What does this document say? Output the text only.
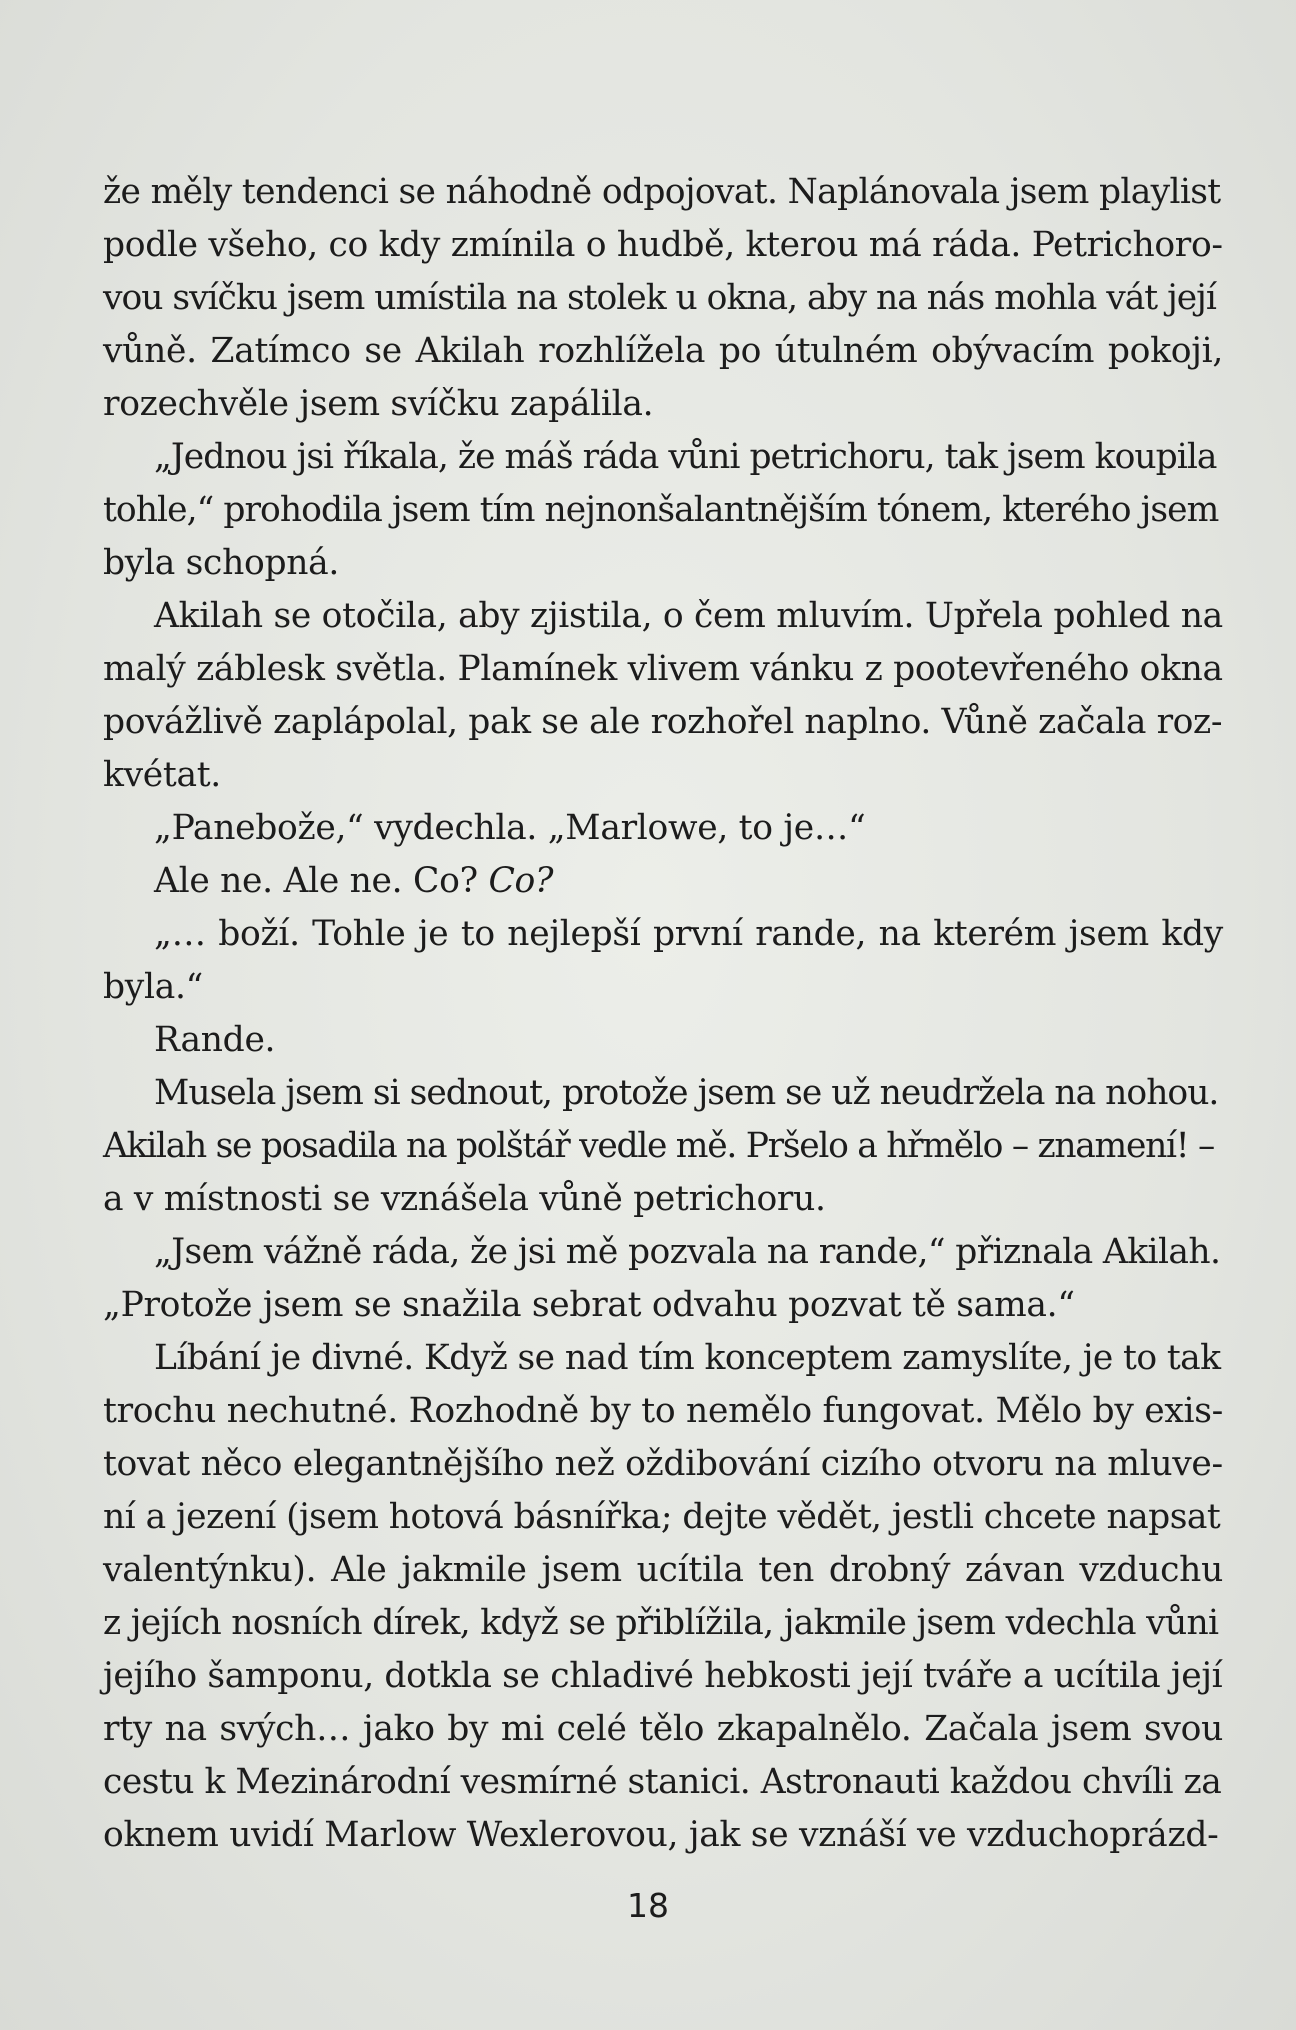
že měly tendenci se náhodně odpojovat. Naplánovala jsem playlist
podle všeho, co kdy zmínila o hudbě, kterou má ráda. Petrichoro-
vou svíčku jsem umístila na stolek u okna, aby na nás mohla vát její
vůně. Zatímco se Akilah rozhlížela po útulném obývacím pokoji,
rozechvěle jsem svíčku zapálila.
„Jednou jsi říkala, že máš ráda vůni petrichoru, tak jsem koupila
tohle,“ prohodila jsem tím nejnonšalantnějším tónem, kterého jsem
byla schopná.
Akilah se otočila, aby zjistila, o čem mluvím. Upřela pohled na
malý záblesk světla. Plamínek vlivem vánku z pootevřeného okna
povážlivě zaplápolal, pak se ale rozhořel naplno. Vůně začala roz-
kvétat.
„Panebože,“ vydechla. „Marlowe, to je…“
Ale ne. Ale ne. Co? Co?
„… boží. Tohle je to nejlepší první rande, na kterém jsem kdy
byla.“
Rande.
Musela jsem si sednout, protože jsem se už neudržela na nohou.
Akilah se posadila na polštář vedle mě. Pršelo a hřmělo – znamení! –
a v místnosti se vznášela vůně petrichoru.
„Jsem vážně ráda, že jsi mě pozvala na rande,“ přiznala Akilah.
„Protože jsem se snažila sebrat odvahu pozvat tě sama.“
Líbání je divné. Když se nad tím konceptem zamyslíte, je to tak
trochu nechutné. Rozhodně by to nemělo fungovat. Mělo by exis-
tovat něco elegantnějšího než oždibování cizího otvoru na mluve-
ní a jezení (jsem hotová básnířka; dejte vědět, jestli chcete napsat
valentýnku). Ale jakmile jsem ucítila ten drobný závan vzduchu
z jejích nosních dírek, když se přiblížila, jakmile jsem vdechla vůni
jejího šamponu, dotkla se chladivé hebkosti její tváře a ucítila její
rty na svých… jako by mi celé tělo zkapalnělo. Začala jsem svou
cestu k Mezinárodní vesmírné stanici. Astronauti každou chvíli za
oknem uvidí Marlow Wexlerovou, jak se vznáší ve vzduchoprázd-
18
